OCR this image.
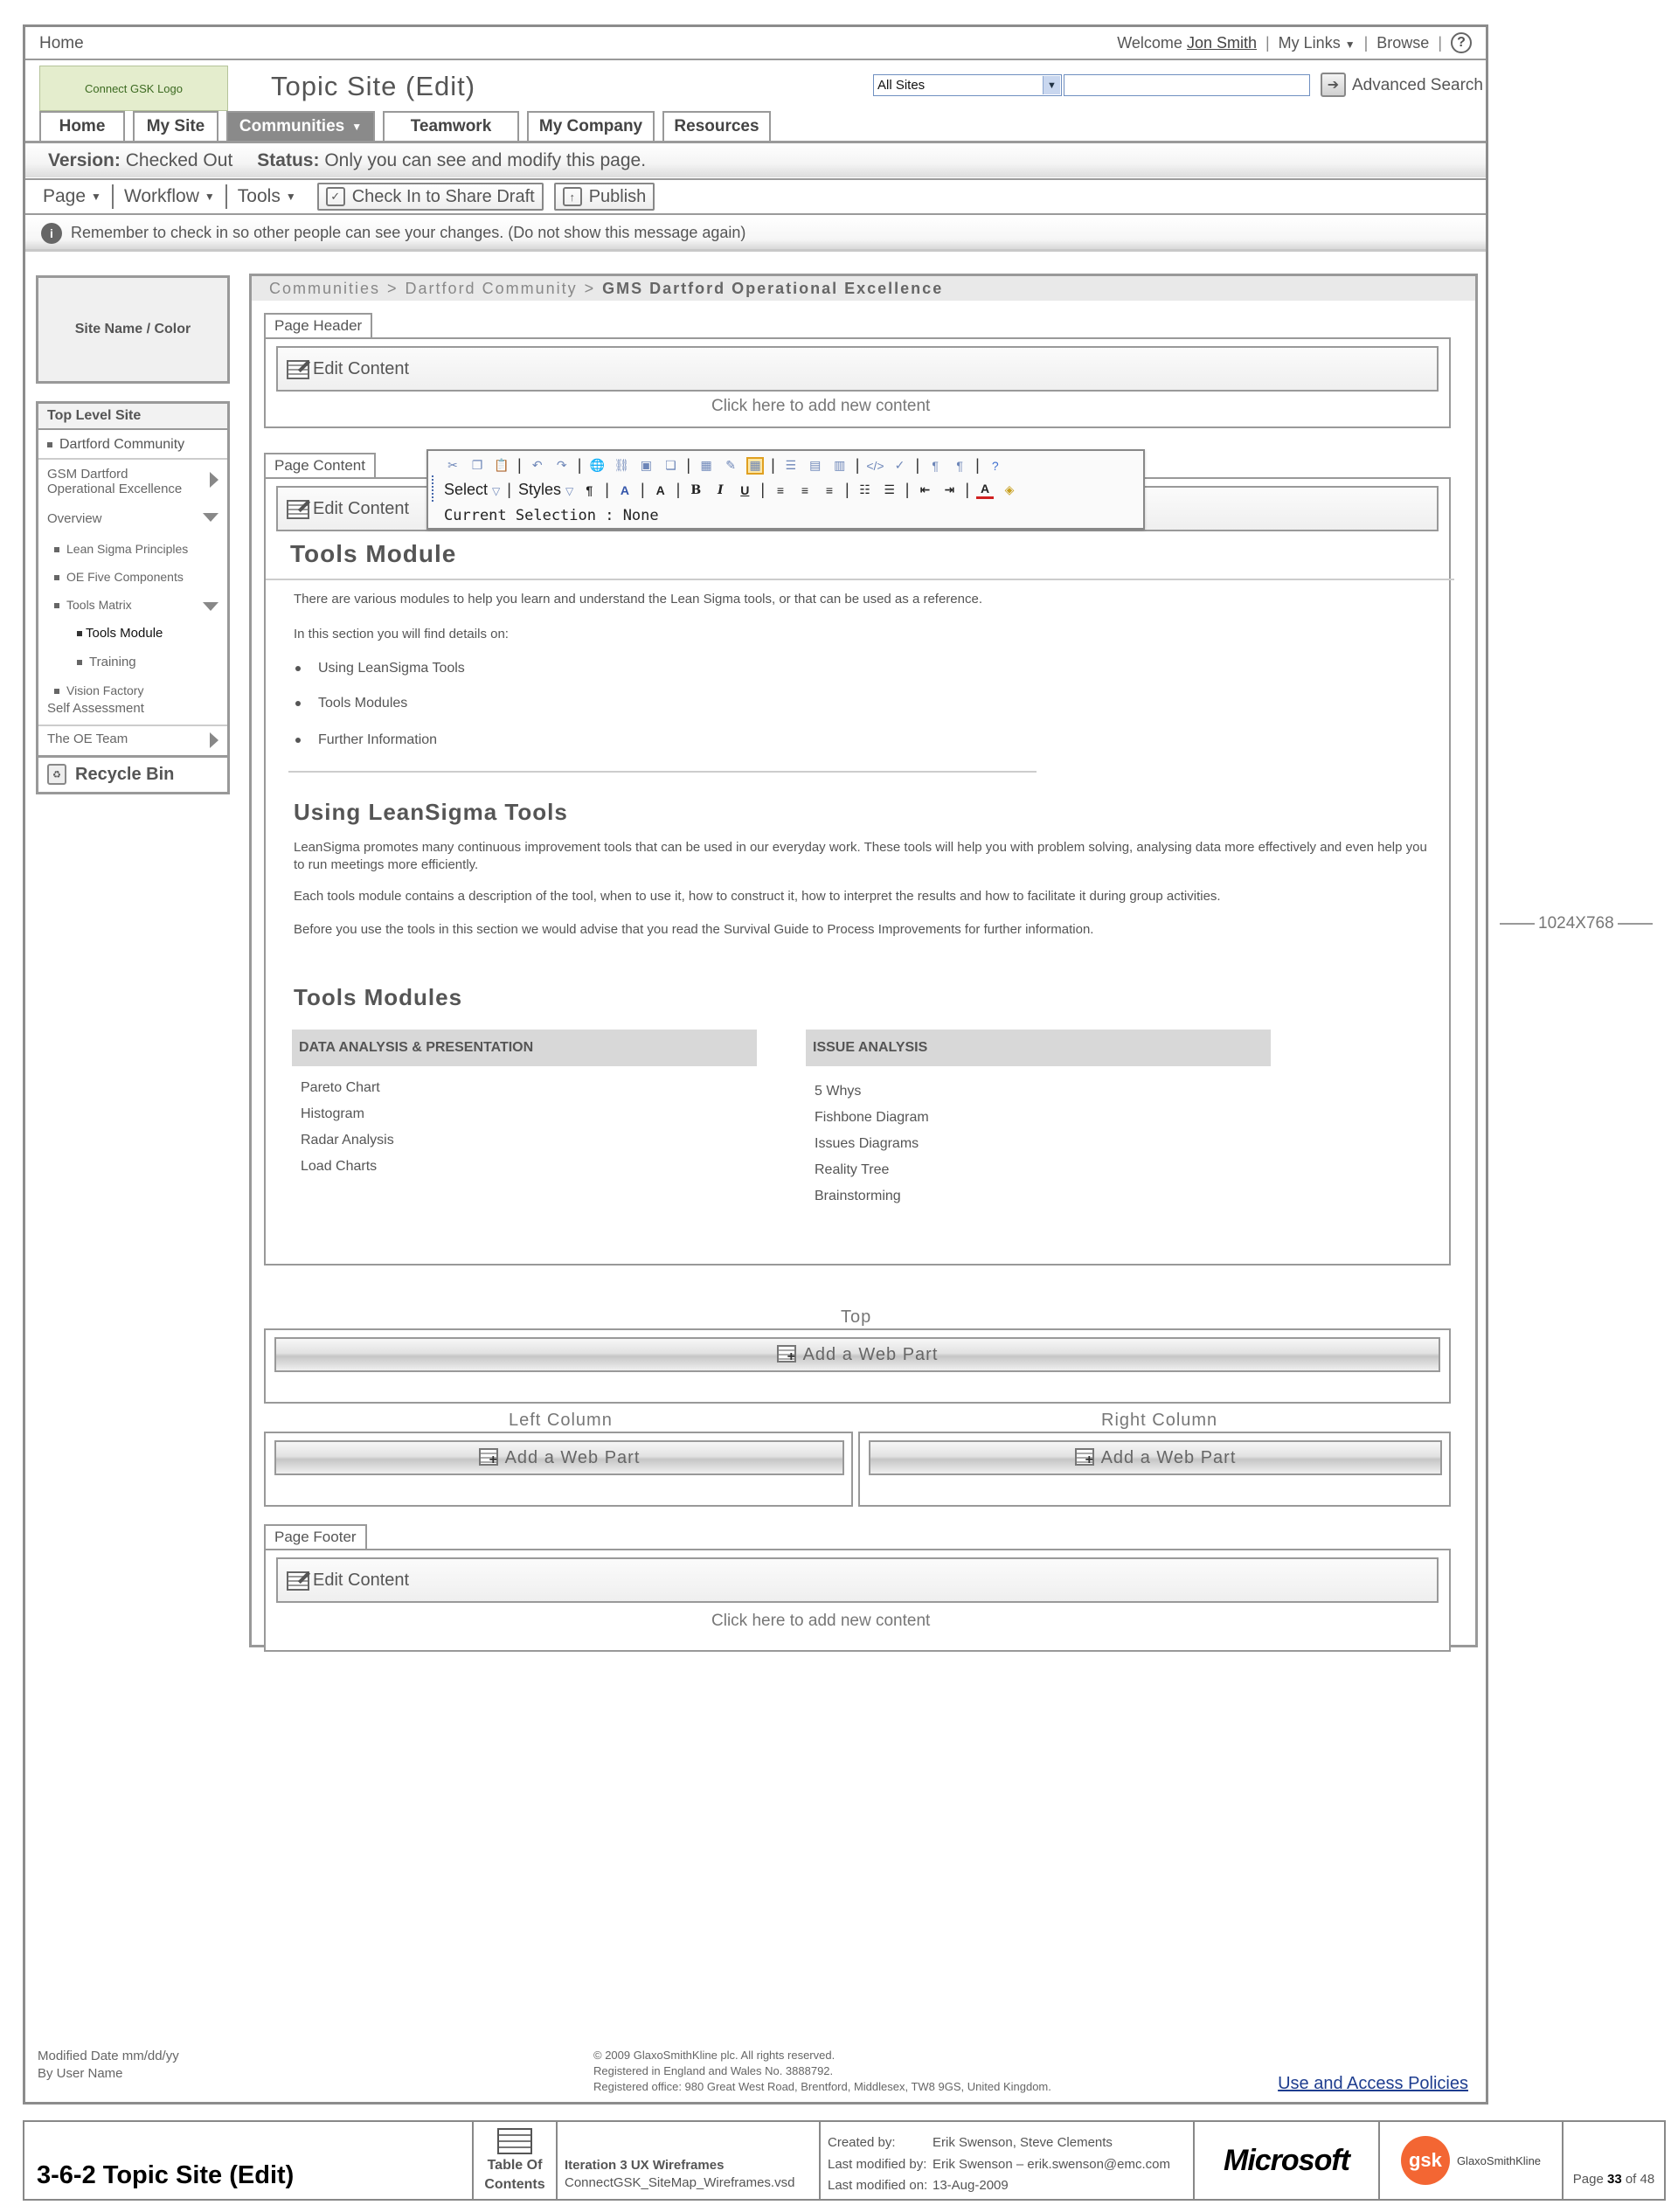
Home	Welcome Jon Smith | My Links ▼ | Browse |	?
Connect GSK Logo	Topic Site (Edit)	All Sites	▼	➔ Advanced Search
Home	My Site	Communities ▼	Teamwork	My Company	Resources
Version: Checked Out Status: Only you can see and modify this page.
Page ▼ Workflow ▼ Tools ▼	✓ Check In to Share Draft	↑ Publish
i	Remember to check in so other people can see your changes. (Do not show this message again)
Site Name / Color
Top Level Site
Dartford Community
GSM Dartford
Operational Excellence
Overview
Lean Sigma Principles
OE Five Components
Tools Matrix
Tools Module
Training
Vision Factory
Self Assessment
The OE Team
♻ Recycle Bin
Communities > Dartford Community > GMS Dartford Operational Excellence
Page Header
Edit Content
Click here to add new content
Page Content
Edit Content
Tools Module
There are various modules to help you learn and understand the Lean Sigma tools, or that can be used as a reference.
In this section you will find details on:
Using LeanSigma Tools
Tools Modules
Further Information
Using LeanSigma Tools
LeanSigma promotes many continuous improvement tools that can be used in our everyday work. These tools will help you with problem solving, analysing data more effectively and even help you to run meetings more efficiently.
Each tools module contains a description of the tool, when to use it, how to construct it, how to interpret the results and how to facilitate it during group activities.
Before you use the tools in this section we would advise that you read the Survival Guide to Process Improvements for further information.
Tools Modules
DATA ANALYSIS & PRESENTATION
Pareto Chart
Histogram
Radar Analysis
Load Charts
ISSUE ANALYSIS
5 Whys
Fishbone Diagram
Issues Diagrams
Reality Tree
Brainstorming
✂ ❐ 📋 | ↶ ↷ | 🌐 ⛓ ▣ ❏ | ▦ ✎ ▦ | ☰ ▤ ▥ | </> ✓ |	¶	¶ |	?
Select ▽ | Styles ▽	¶ | A | A | B	I	U | ≡	≡	≡ | ☷ ☰ | ⇤ ⇥ | A	◈
Current Selection : None
Top
+
Add a Web Part
Left Column
+
Add a Web Part
Right Column
+
Add a Web Part
Page Footer
Edit Content
Click here to add new content
Modified Date mm/dd/yy
By User Name
© 2009 GlaxoSmithKline plc. All rights reserved.
Registered in England and Wales No. 3888792.
Registered office: 980 Great West Road, Brentford, Middlesex, TW8 9GS, United Kingdom.	Use and Access Policies
1024X768
3-6-2 Topic Site (Edit)	Table Of
Contents
Iteration 3 UX Wireframes
ConnectGSK_SiteMap_Wireframes.vsd
Created by:	Erik Swenson, Steve Clements
Last modified by: Erik Swenson – erik.swenson@emc.com
Last modified on: 13-Aug-2009
Microsoft	gsk	GlaxoSmithKline
Page
33
of 48
